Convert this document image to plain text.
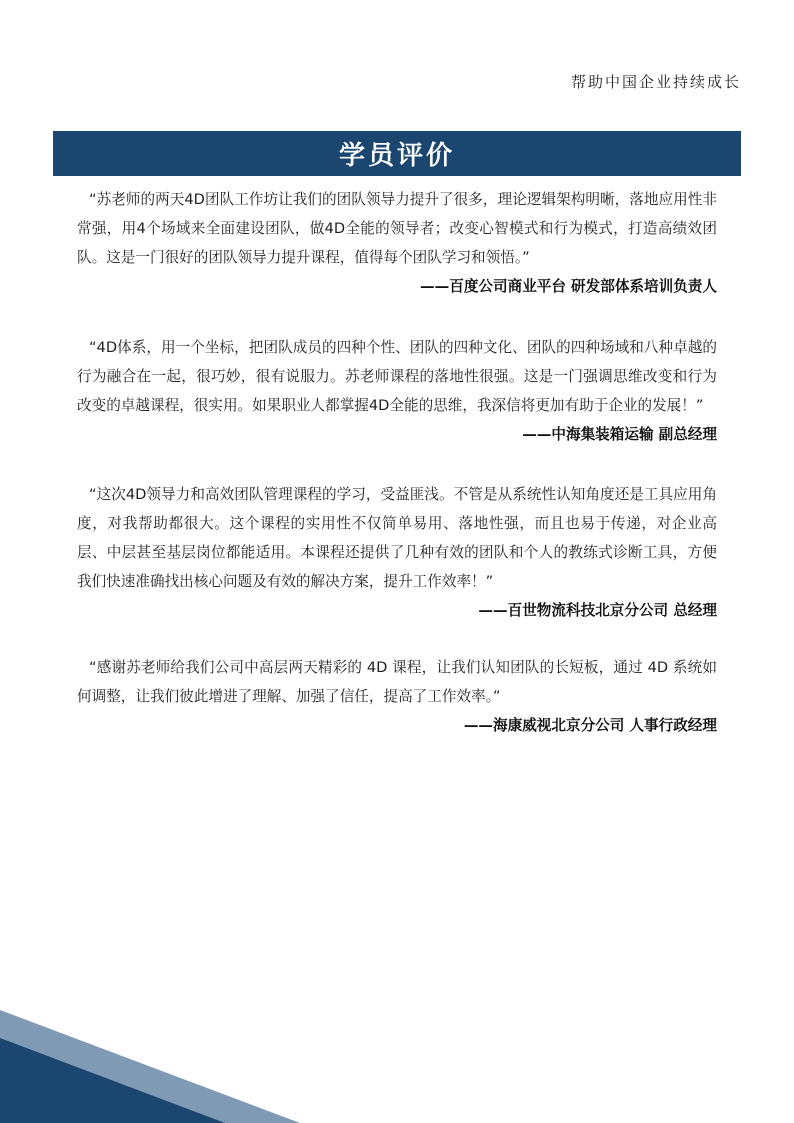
帮助中国企业持续成长
学员评价

“苏老师的两天4D团队工作坊让我们的团队领导力提升了很多，理论逻辑架构明晰，落地应用性非常强，用4个场域来全面建设团队，做4D全能的领导者；改变心智模式和行为模式，打造高绩效团队。这是一门很好的团队领导力提升课程，值得每个团队学习和领悟。”

——百度公司商业平台 研发部体系培训负责人

“4D体系，用一个坐标，把团队成员的四种个性、团队的四种文化、团队的四种场域和八种卓越的行为融合在一起，很巧妙，很有说服力。苏老师课程的落地性很强。这是一门强调思维改变和行为改变的卓越课程，很实用。如果职业人都掌握4D全能的思维，我深信将更加有助于企业的发展！”

——中海集装箱运输 副总经理

“这次4D领导力和高效团队管理课程的学习，受益匪浅。不管是从系统性认知角度还是工具应用角度，对我帮助都很大。这个课程的实用性不仅简单易用、落地性强，而且也易于传递，对企业高层、中层甚至基层岗位都能适用。本课程还提供了几种有效的团队和个人的教练式诊断工具，方便我们快速准确找出核心问题及有效的解决方案，提升工作效率！”

——百世物流科技北京分公司 总经理

“感谢苏老师给我们公司中高层两天精彩的 4D 课程，让我们认知团队的长短板，通过 4D 系统如何调整，让我们彼此增进了理解、加强了信任，提高了工作效率。”

——海康威视北京分公司 人事行政经理
